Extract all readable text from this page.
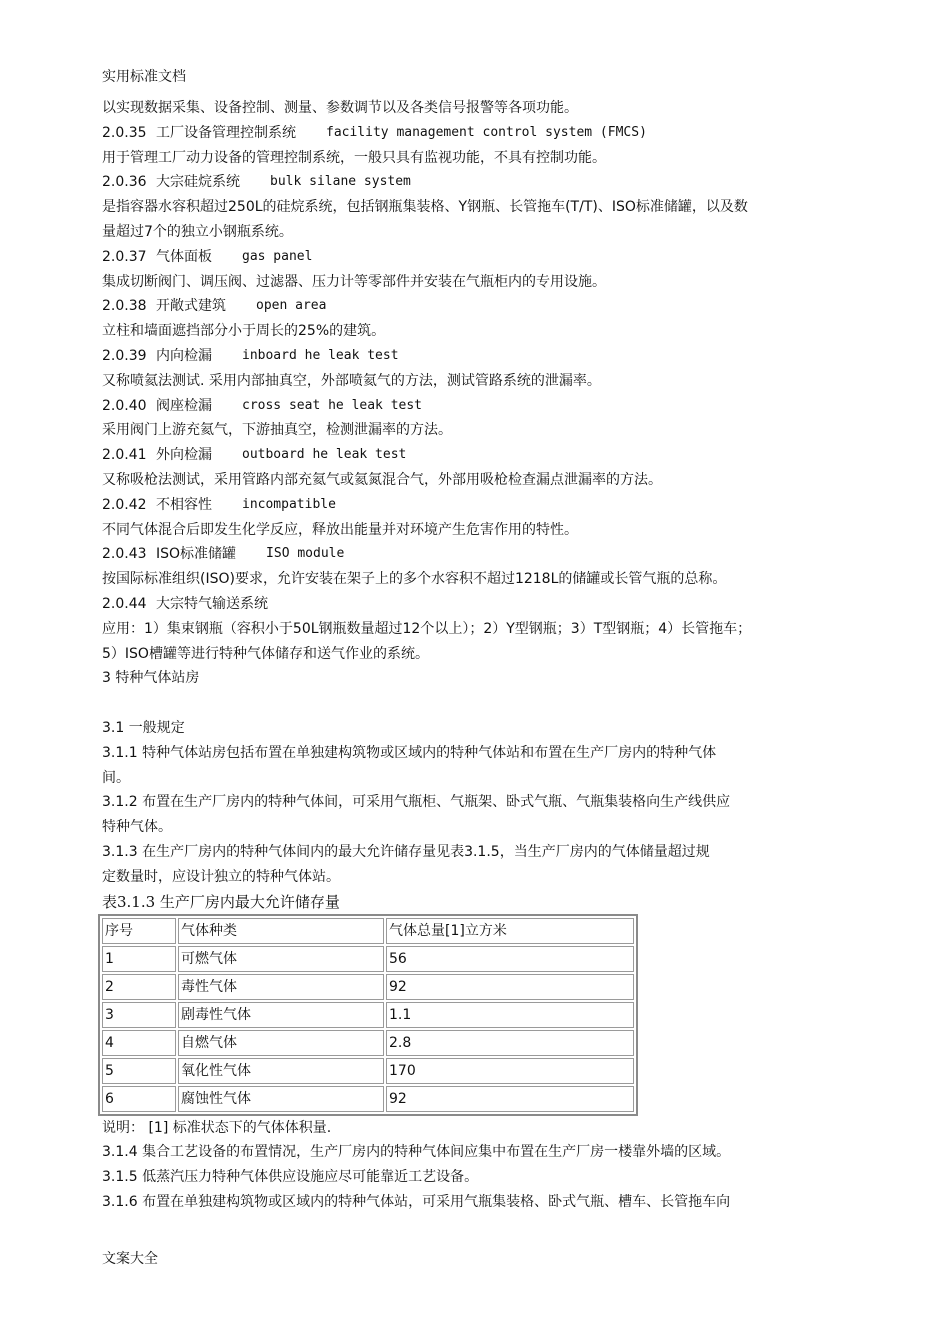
实用标准文档
以实现数据采集、设备控制、测量、参数调节以及各类信号报警等各项功能。
2.0.35 工厂设备管理控制系统 facility management control system (FMCS)
用于管理工厂动力设备的管理控制系统，一般只具有监视功能，不具有控制功能。
2.0.36 大宗硅烷系统 bulk silane system
是指容器水容积超过250L的硅烷系统，包括钢瓶集装格、Y钢瓶、长管拖车(T/T)、ISO标准储罐，以及数
量超过7个的独立小钢瓶系统。
2.0.37 气体面板 gas panel
集成切断阀门、调压阀、过滤器、压力计等零部件并安装在气瓶柜内的专用设施。
2.0.38 开敞式建筑 open area
立柱和墙面遮挡部分小于周长的25%的建筑。
2.0.39 内向检漏 inboard he leak test
又称喷氦法测试. 采用内部抽真空，外部喷氦气的方法，测试管路系统的泄漏率。
2.0.40 阀座检漏 cross seat he leak test
采用阀门上游充氦气，下游抽真空，检测泄漏率的方法。
2.0.41 外向检漏 outboard he leak test
又称吸枪法测试，采用管路内部充氦气或氦氮混合气，外部用吸枪检查漏点泄漏率的方法。
2.0.42 不相容性 incompatible
不同气体混合后即发生化学反应，释放出能量并对环境产生危害作用的特性。
2.0.43 ISO标准储罐 ISO module
按国际标准组织(ISO)要求，允许安装在架子上的多个水容积不超过1218L的储罐或长管气瓶的总称。
2.0.44 大宗特气输送系统
应用：1）集束钢瓶（容积小于50L钢瓶数量超过12个以上）；2）Y型钢瓶；3）T型钢瓶；4）长管拖车；
5）ISO槽罐等进行特种气体储存和送气作业的系统。
3 特种气体站房
3.1 一般规定
3.1.1 特种气体站房包括布置在单独建构筑物或区域内的特种气体站和布置在生产厂房内的特种气体
间。
3.1.2 布置在生产厂房内的特种气体间，可采用气瓶柜、气瓶架、卧式气瓶、气瓶集装格向生产线供应
特种气体。
3.1.3 在生产厂房内的特种气体间内的最大允许储存量见表3.1.5，当生产厂房内的气体储量超过规
定数量时，应设计独立的特种气体站。
表3.1.3 生产厂房内最大允许储存量
序号	气体种类	气体总量[1]立方米
1	可燃气体	56
2	毒性气体	92
3	剧毒性气体	1.1
4	自燃气体	2.8
5	氧化性气体	170
6	腐蚀性气体	92
说明： [1] 标准状态下的气体体积量.
3.1.4 集合工艺设备的布置情况，生产厂房内的特种气体间应集中布置在生产厂房一楼靠外墙的区域。
3.1.5 低蒸汽压力特种气体供应设施应尽可能靠近工艺设备。
3.1.6 布置在单独建构筑物或区域内的特种气体站，可采用气瓶集装格、卧式气瓶、槽车、长管拖车向
文案大全
